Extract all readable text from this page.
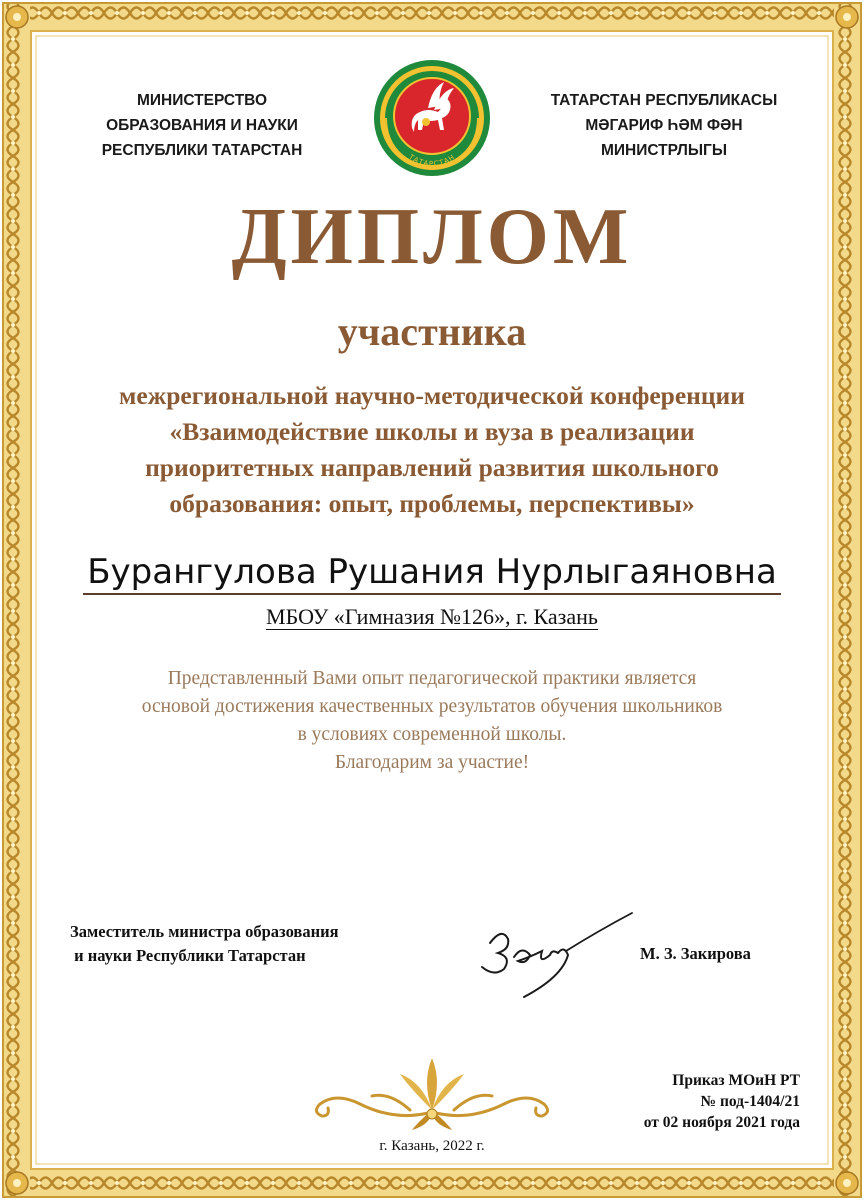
МИНИСТЕРСТВО
ОБРАЗОВАНИЯ И НАУКИ
РЕСПУБЛИКИ ТАТАРСТАН	ТАТАРСТАН
ТАТАРСТАН РЕСПУБЛИКАСЫ
МӘГАРИФ ҺӘМ ФӘН
МИНИСТРЛЫГЫ
ДИПЛОМ
участника
межрегиональной научно-методической конференции
«Взаимодействие школы и вуза в реализации
приоритетных направлений развития школьного
образования: опыт, проблемы, перспективы»
Бурангулова Рушания Нурлыгаяновна
МБОУ «Гимназия №126», г. Казань
Представленный Вами опыт педагогической практики является
основой достижения качественных результатов обучения школьников
в условиях современной школы.
Благодарим за участие!
Заместитель министра образования
и науки Республики Татарстан	М. З. Закирова
Приказ МОиН РТ
№ под-1404/21
от 02 ноября 2021 года
г. Казань, 2022 г.
